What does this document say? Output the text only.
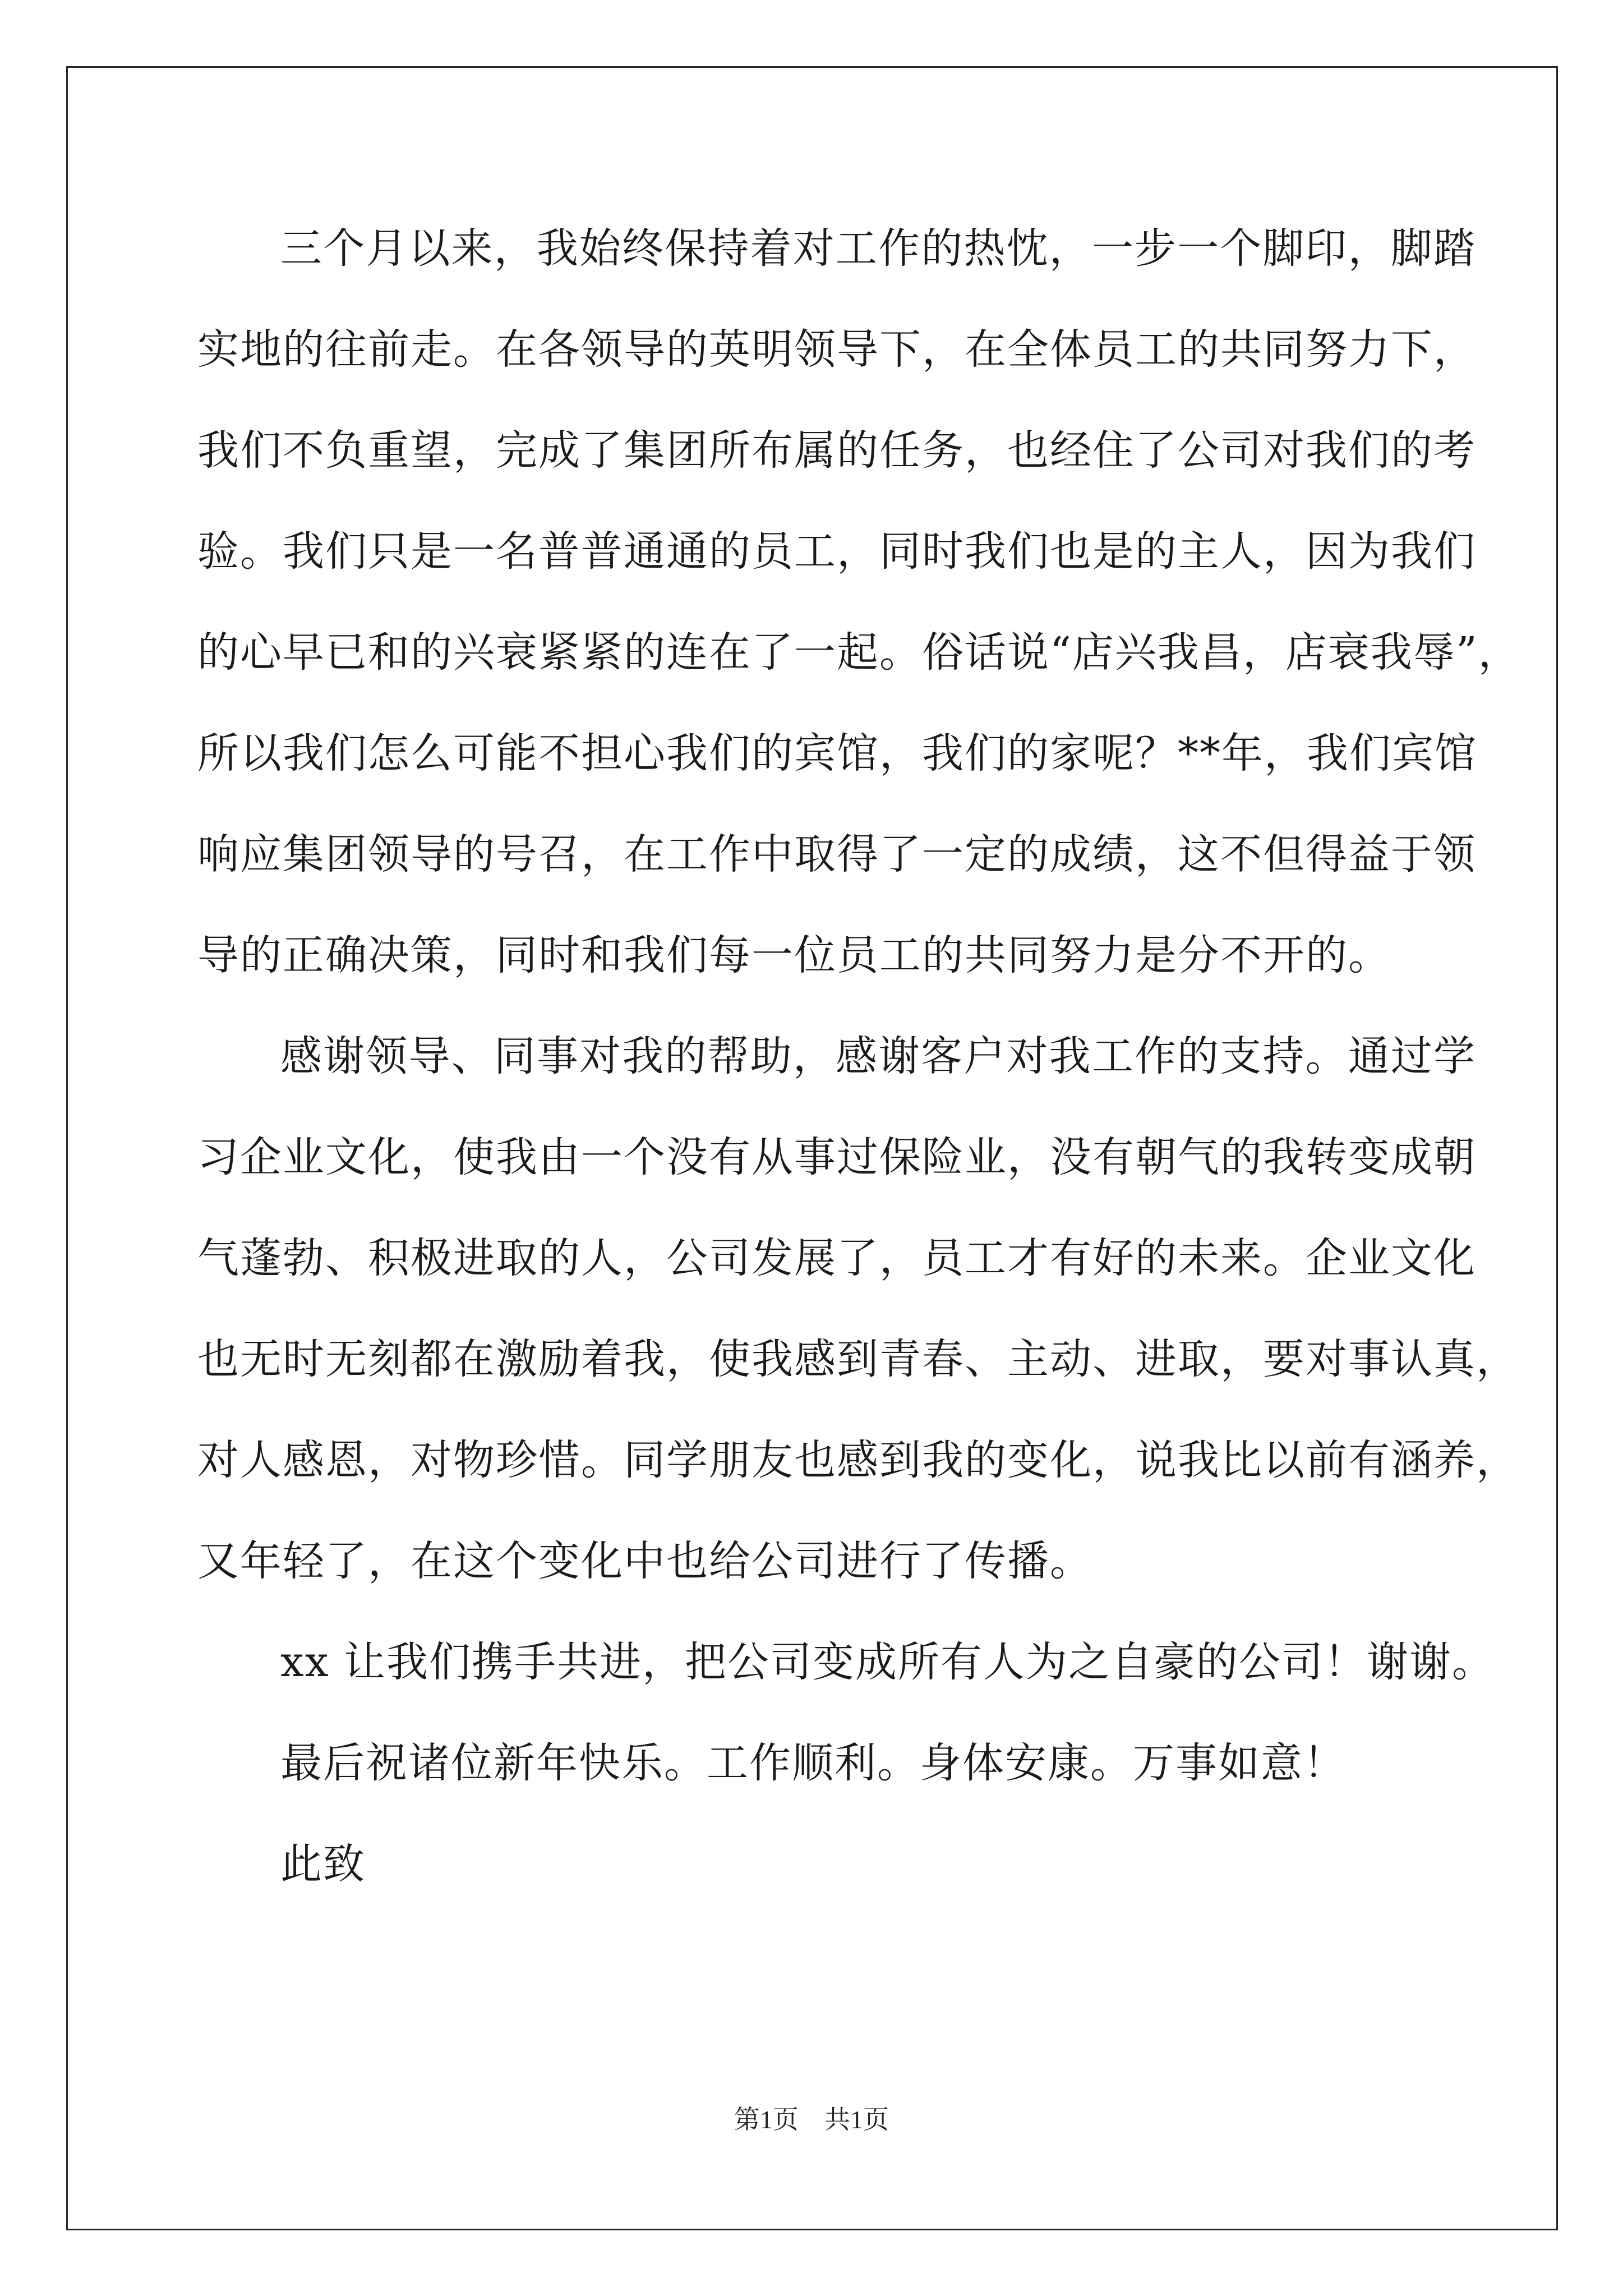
三个月以来，我始终保持着对工作的热忱，一步一个脚印，脚踏
实地的往前走。在各领导的英明领导下，在全体员工的共同努力下，
我们不负重望，完成了集团所布属的任务，也经住了公司对我们的考
验。我们只是一名普普通通的员工，同时我们也是的主人，因为我们
的心早已和的兴衰紧紧的连在了一起。俗话说“店兴我昌，店衰我辱”，
所以我们怎么可能不担心我们的宾馆，我们的家呢？**年，我们宾馆
响应集团领导的号召，在工作中取得了一定的成绩，这不但得益于领
导的正确决策，同时和我们每一位员工的共同努力是分不开的。
感谢领导、同事对我的帮助，感谢客户对我工作的支持。通过学
习企业文化，使我由一个没有从事过保险业，没有朝气的我转变成朝
气蓬勃、积极进取的人，公司发展了，员工才有好的未来。企业文化
也无时无刻都在激励着我，使我感到青春、主动、进取，要对事认真，
对人感恩，对物珍惜。同学朋友也感到我的变化，说我比以前有涵养，
又年轻了，在这个变化中也给公司进行了传播。
xx 让我们携手共进，把公司变成所有人为之自豪的公司！谢谢。
最后祝诸位新年快乐。工作顺利。身体安康。万事如意！
此致
第1页　共1页
